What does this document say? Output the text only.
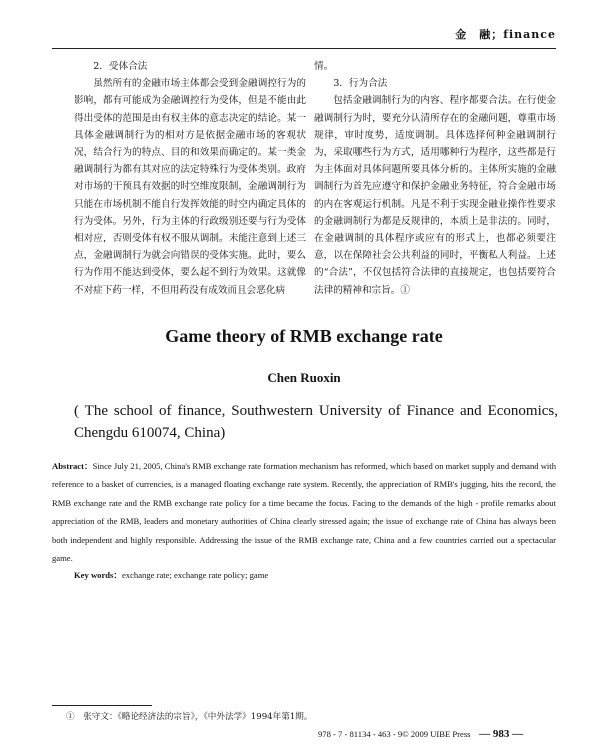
金　融；finance
2．受体合法

虽然所有的金融市场主体都会受到金融调控行为的影响，都有可能成为金融调控行为受体，但是不能由此得出受体的范围是由有权主体的意志决定的结论。某一具体金融调制行为的相对方是依据金融市场的客观状况，结合行为的特点、目的和效果而确定的。某一类金融调制行为都有其对应的法定特殊行为受体类别。政府对市场的干预具有效据的时空维度限制，金融调制行为只能在市场机制不能自行发挥效能的时空内确定具体的行为受体。另外，行为主体的行政级别还要与行为受体相对应，否则受体有权不服从调制。未能注意到上述三点，金融调制行为就会向错误的受体实施。此时，要么行为作用不能达到受体，要么起不到行为效果。这就像不对症下药一样，不但用药没有成效而且会恶化病

情。

3．行为合法

包括金融调制行为的内容、程序都要合法。在行使金融调制行为时，要充分认清所存在的金融问题，尊重市场规律，审时度势，适度调制。具体选择何种金融调制行为，采取哪些行为方式，适用哪种行为程序，这些都是行为主体面对具体问题所要具体分析的。主体所实施的金融调制行为首先应遵守和保护金融业务特征，符合金融市场的内在客观运行机制。凡是不利于实现金融业操作性要求的金融调制行为都是反规律的，本质上是非法的。同时，在金融调制的具体程序或应有的形式上，也都必须要注意，以在保障社会公共利益的同时，平衡私人利益。上述的“合法”，不仅包括符合法律的直接规定，也包括要符合法律的精神和宗旨。①

Game theory of RMB exchange rate
Chen Ruoxin
( The school of finance, Southwestern University of Finance and Economics, Chengdu 610074, China)
Abstract：Since July 21, 2005, China's RMB exchange rate formation mechanism has reformed, which based on market supply and demand with reference to a basket of currencies, is a managed floating exchange rate system. Recently, the appreciation of RMB's jugging, hits the record, the RMB exchange rate and the RMB exchange rate policy for a time became the focus. Facing to the demands of the high - profile remarks about appreciation of the RMB, leaders and monetary authorities of China clearly stressed again; the issue of exchange rate of China has always been both independent and highly responsible. Addressing the issue of the RMB exchange rate, China and a few countries carried out a spectacular game.
Key words：exchange rate; exchange rate policy; game
①　张守文：《略论经济法的宗旨》，《中外法学》1994年第1期。
978 - 7 - 81134 - 463 - 9© 2009 UIBE Press — 983 —
